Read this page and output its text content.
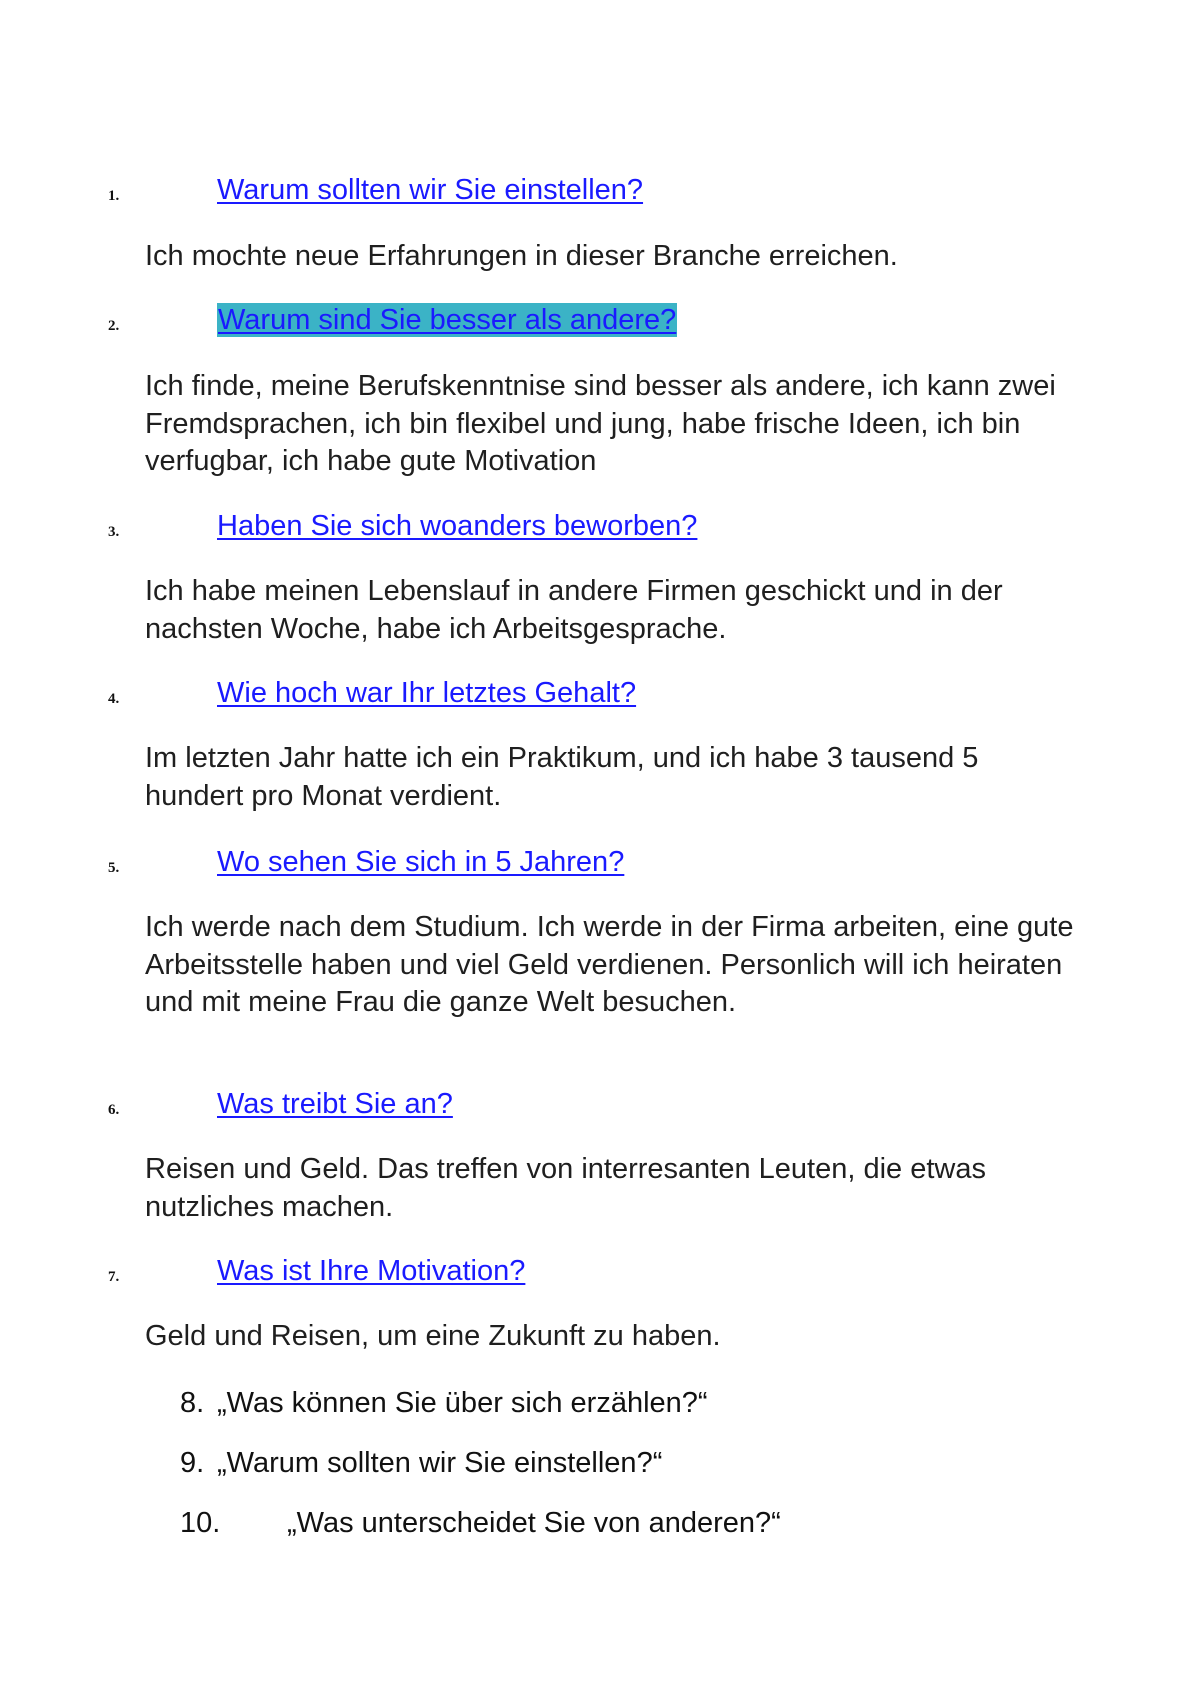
1.	Warum sollten wir Sie einstellen?
Ich mochte neue Erfahrungen in dieser Branche erreichen.
2.	Warum sind Sie besser als andere?
Ich finde, meine Berufskenntnise sind besser als andere, ich kann zwei Fremdsprachen, ich bin flexibel und jung, habe frische Ideen, ich bin verfugbar, ich habe gute Motivation
3.	Haben Sie sich woanders beworben?
Ich habe meinen Lebenslauf in andere Firmen geschickt und in der nachsten Woche, habe ich Arbeitsgesprache.
4.	Wie hoch war Ihr letztes Gehalt?
Im letzten Jahr hatte ich ein Praktikum, und ich habe 3 tausend 5 hundert pro Monat verdient.
5.	Wo sehen Sie sich in 5 Jahren?
Ich werde nach dem Studium. Ich werde in der Firma arbeiten, eine gute Arbeitsstelle haben und viel Geld verdienen. Personlich will ich heiraten und mit meine Frau die ganze Welt besuchen.
6.	Was treibt Sie an?
Reisen und Geld. Das treffen von interresanten Leuten, die etwas nutzliches machen.
7.	Was ist Ihre Motivation?
Geld und Reisen, um eine Zukunft zu haben.
8. „Was können Sie über sich erzählen?“
9. „Warum sollten wir Sie einstellen?“
10. „Was unterscheidet Sie von anderen?“
